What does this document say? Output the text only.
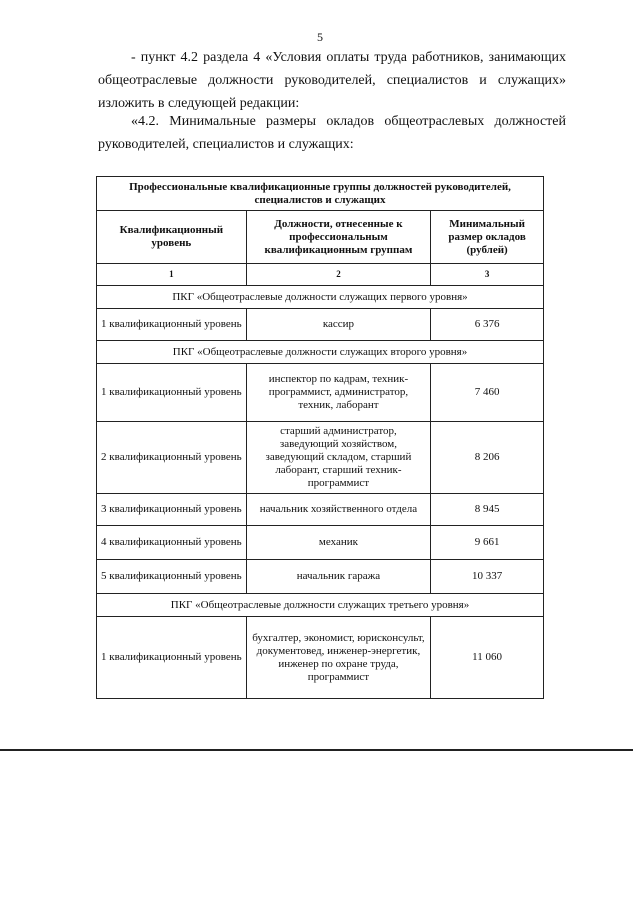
5

- пункт 4.2 раздела 4 «Условия оплаты труда работников, занимающих общеотраслевые должности руководителей, специалистов и служащих» изложить в следующей редакции:

«4.2. Минимальные размеры окладов общеотраслевых должностей руководителей, специалистов и служащих:

Профессиональные квалификационные группы должностей руководителей, специалистов и служащих		
Квалификационный уровень	Должности, отнесенные к профессиональным квалификационным группам	Минимальный размер окладов (рублей)
1	2	3
ПКГ «Общеотраслевые должности служащих первого уровня»		
1 квалификационный уровень	кассир	6 376
ПКГ «Общеотраслевые должности служащих второго уровня»		
1 квалификационный уровень	инспектор по кадрам, техник-программист, администратор, техник, лаборант	7 460
2 квалификационный уровень	старший администратор, заведующий хозяйством, заведующий складом, старший лаборант, старший техник-программист	8 206
3 квалификационный уровень	начальник хозяйственного отдела	8 945
4 квалификационный уровень	механик	9 661
5 квалификационный уровень	начальник гаража	10 337
ПКГ «Общеотраслевые должности служащих третьего уровня»		
1 квалификационный уровень	бухгалтер, экономист, юрисконсульт, документовед, инженер-энергетик, инженер по охране труда, программист	11 060
